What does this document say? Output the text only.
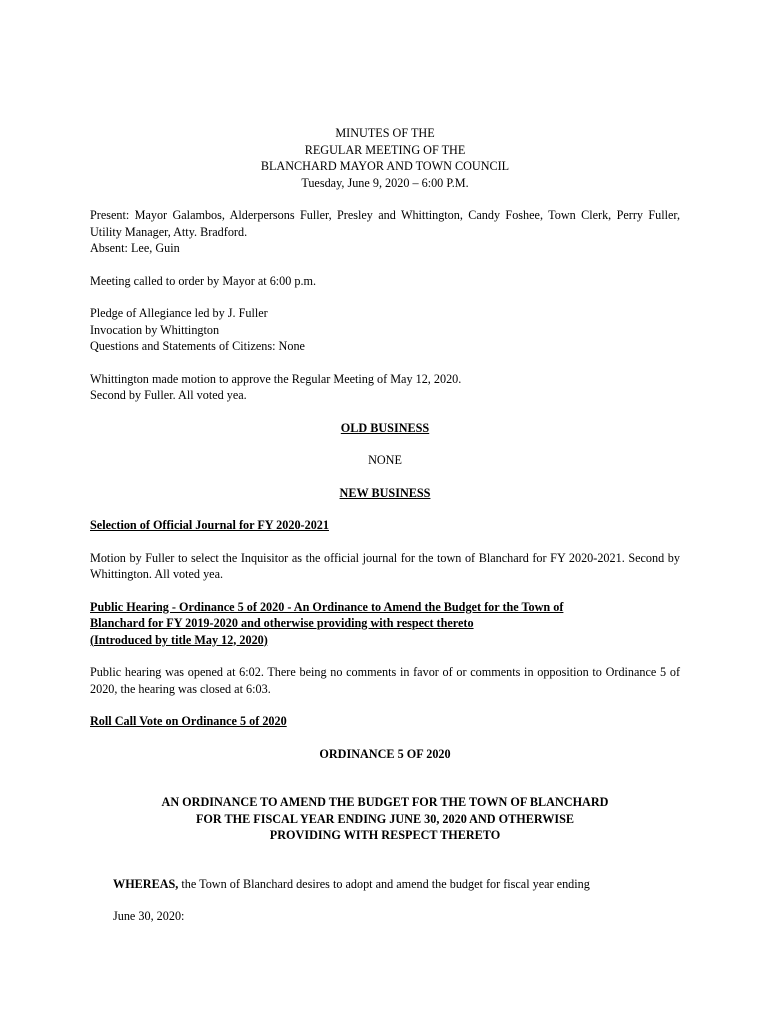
MINUTES OF THE

REGULAR MEETING OF THE

BLANCHARD MAYOR AND TOWN COUNCIL

Tuesday, June 9, 2020 – 6:00 P.M.

Present: Mayor Galambos, Alderpersons Fuller, Presley and Whittington, Candy Foshee, Town Clerk, Perry Fuller, Utility Manager, Atty. Bradford.

Absent: Lee, Guin

Meeting called to order by Mayor at 6:00 p.m.

Pledge of Allegiance led by J. Fuller

Invocation by Whittington

Questions and Statements of Citizens: None

Whittington made motion to approve the Regular Meeting of May 12, 2020.

Second by Fuller. All voted yea.

OLD BUSINESS

NONE

NEW BUSINESS

Selection of Official Journal for FY 2020-2021

Motion by Fuller to select the Inquisitor as the official journal for the town of Blanchard for FY 2020-2021. Second by Whittington. All voted yea.

Public Hearing - Ordinance 5 of 2020 - An Ordinance to Amend the Budget for the Town of

Blanchard for FY 2019-2020 and otherwise providing with respect thereto

(Introduced by title May 12, 2020)

Public hearing was opened at 6:02. There being no comments in favor of or comments in opposition to Ordinance 5 of 2020, the hearing was closed at 6:03.

Roll Call Vote on Ordinance 5 of 2020

ORDINANCE 5 OF 2020

AN ORDINANCE TO AMEND THE BUDGET FOR THE TOWN OF BLANCHARD

FOR THE FISCAL YEAR ENDING JUNE 30, 2020 AND OTHERWISE

PROVIDING WITH RESPECT THERETO

WHEREAS, the Town of Blanchard desires to adopt and amend the budget for fiscal year ending

June 30, 2020:
